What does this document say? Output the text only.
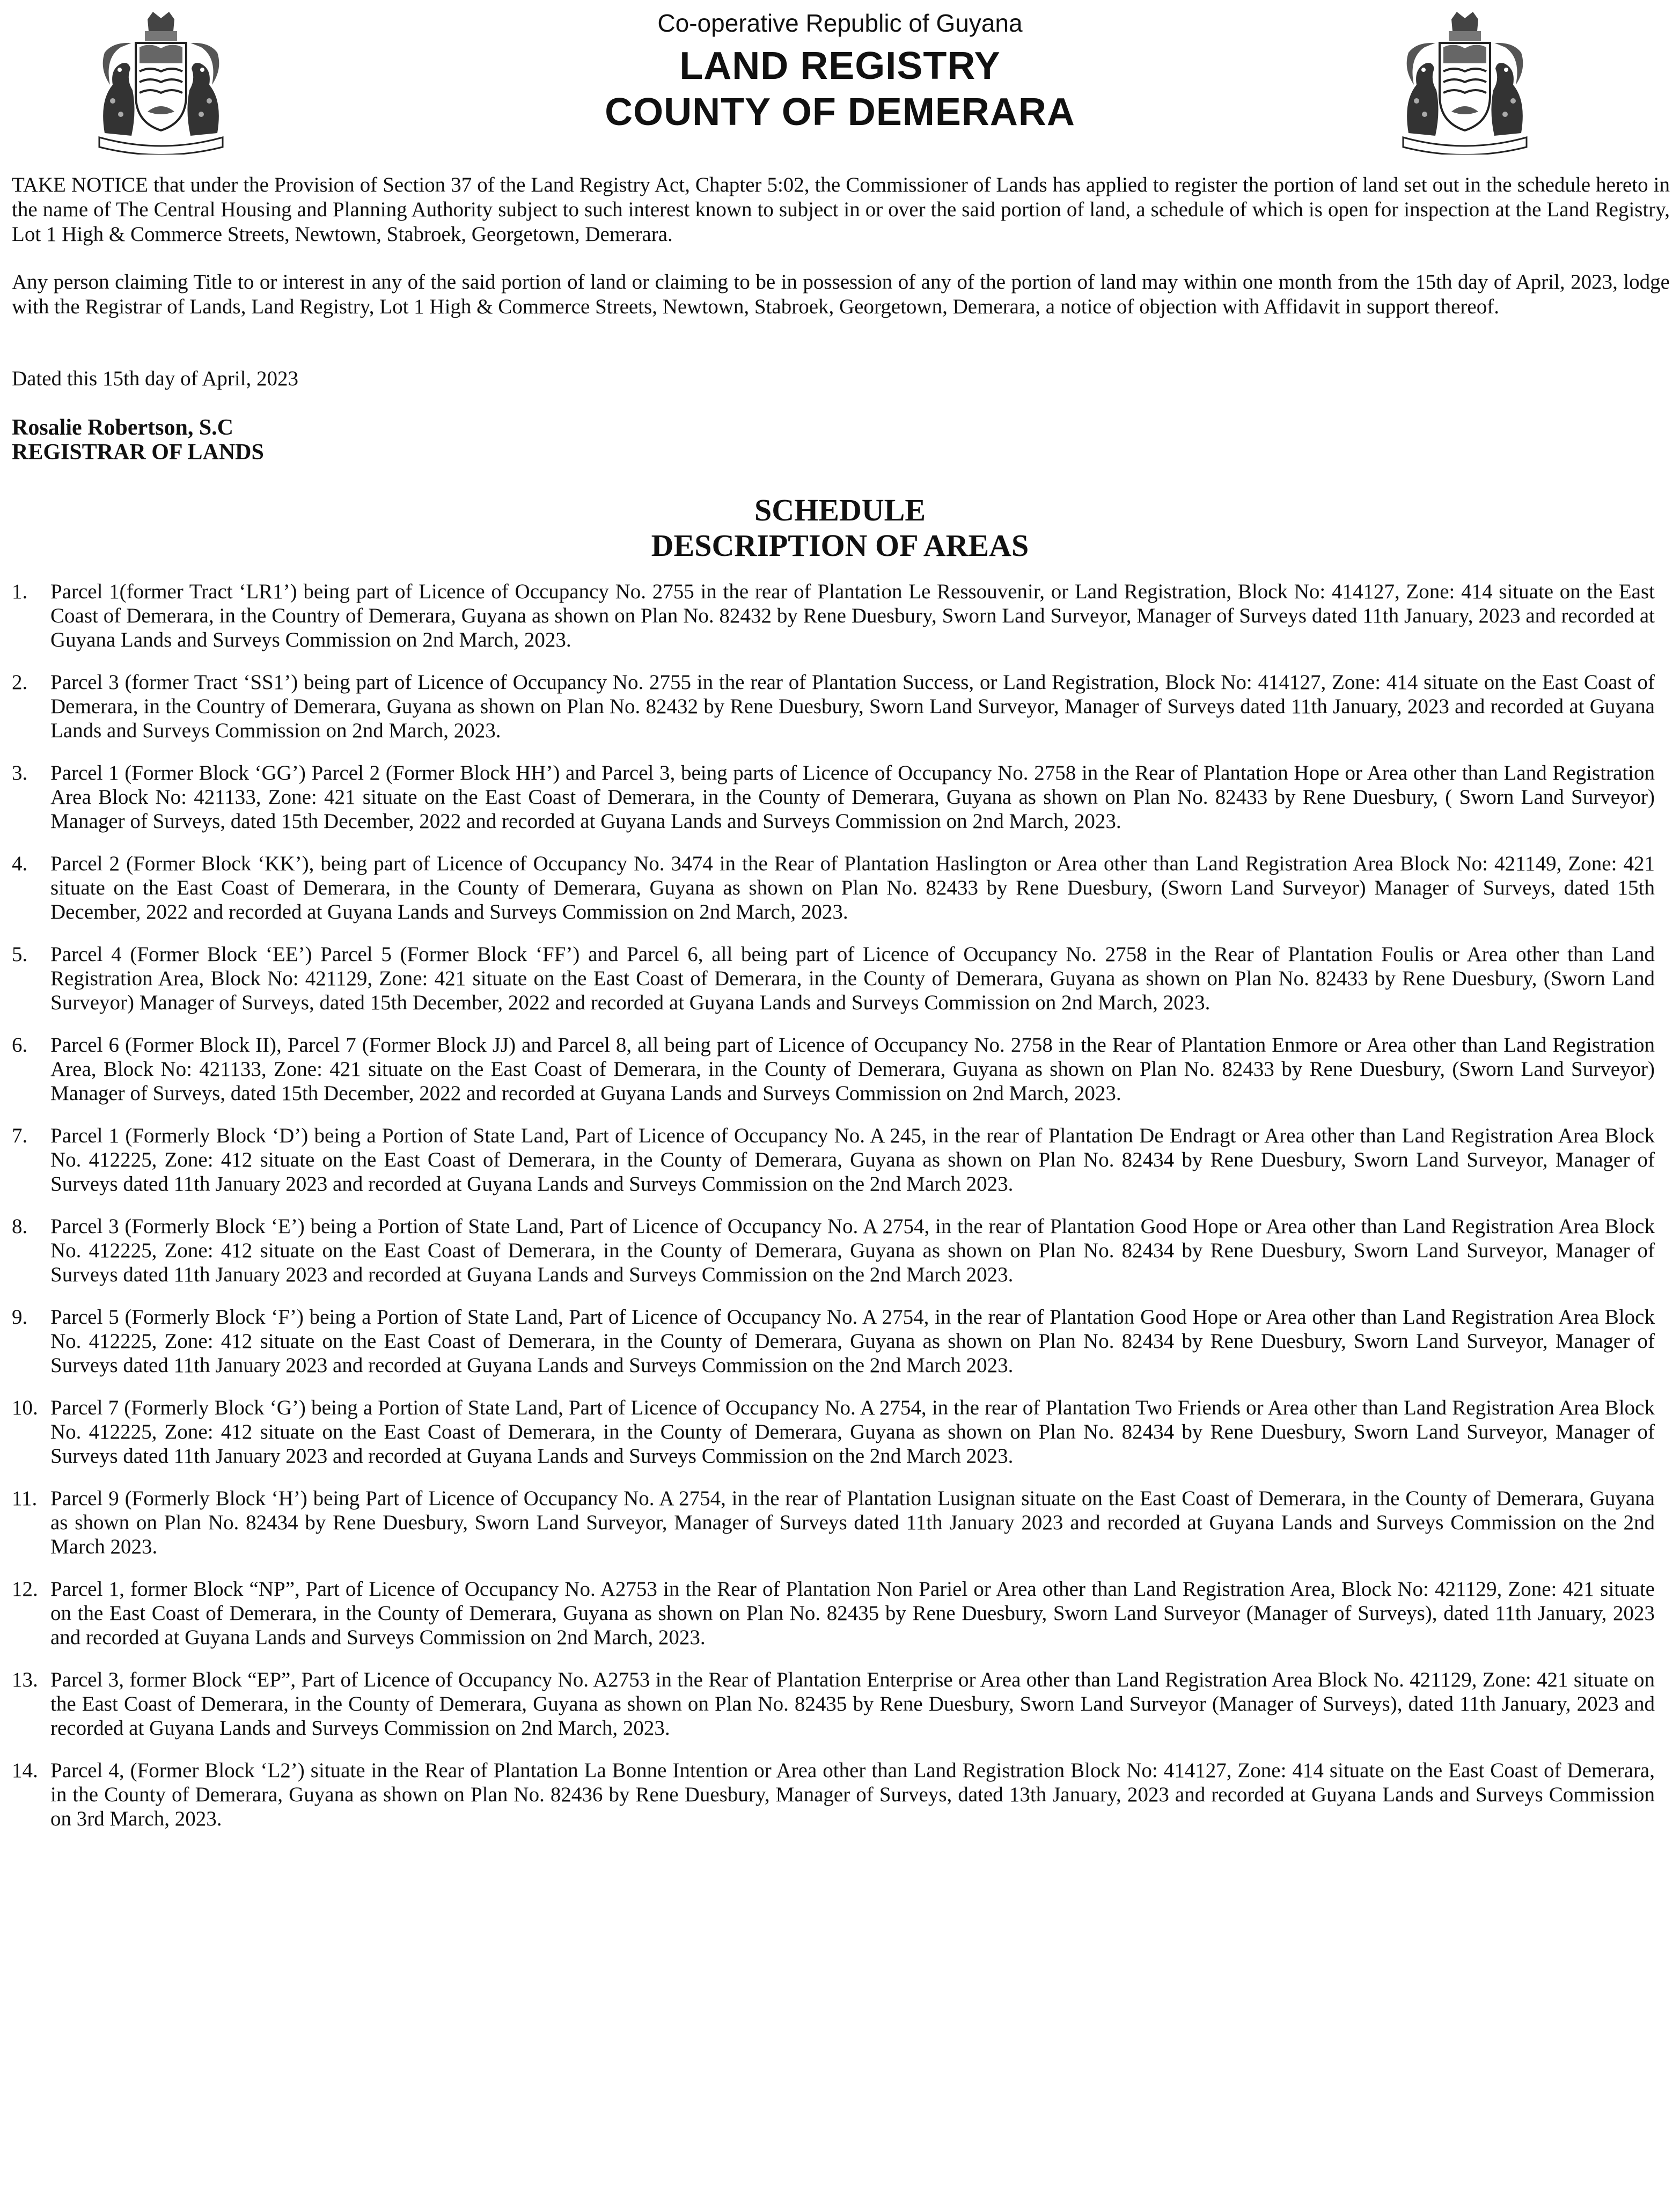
Co-operative Republic of Guyana
LAND REGISTRY
COUNTY OF DEMERARA

TAKE NOTICE that under the Provision of Section 37 of the Land Registry Act, Chapter 5:02, the Commissioner of Lands has applied to register the portion of land set out in the schedule hereto in the name of The Central Housing and Planning Authority subject to such interest known to subject in or over the said portion of land, a schedule of which is open for inspection at the Land Registry, Lot 1 High & Commerce Streets, Newtown, Stabroek, Georgetown, Demerara.

Any person claiming Title to or interest in any of the said portion of land or claiming to be in possession of any of the portion of land may within one month from the 15th day of April, 2023, lodge with the Registrar of Lands, Land Registry, Lot 1 High & Commerce Streets, Newtown, Stabroek, Georgetown, Demerara, a notice of objection with Affidavit in support thereof.

Dated this 15th day of April, 2023

Rosalie Robertson, S.C

REGISTRAR OF LANDS

SCHEDULE
DESCRIPTION OF AREAS
1.	Parcel 1(former Tract ‘LR1’) being part of Licence of Occupancy No. 2755 in the rear of Plantation Le Ressouvenir, or Land Registration, Block No: 414127, Zone: 414 situate on the East Coast of Demerara, in the Country of Demerara, Guyana as shown on Plan No. 82432 by Rene Duesbury, Sworn Land Surveyor, Manager of Surveys dated 11th January, 2023 and recorded at Guyana Lands and Surveys Commission on 2nd March, 2023.
2.	Parcel 3 (former Tract ‘SS1’) being part of Licence of Occupancy No. 2755 in the rear of Plantation Success, or Land Registration, Block No: 414127, Zone: 414 situate on the East Coast of Demerara, in the Country of Demerara, Guyana as shown on Plan No. 82432 by Rene Duesbury, Sworn Land Surveyor, Manager of Surveys dated 11th January, 2023 and recorded at Guyana Lands and Surveys Commission on 2nd March, 2023.
3.	Parcel 1 (Former Block ‘GG’) Parcel 2 (Former Block HH’) and Parcel 3, being parts of Licence of Occupancy No. 2758 in the Rear of Plantation Hope or Area other than Land Registration Area Block No: 421133, Zone: 421 situate on the East Coast of Demerara, in the County of Demerara, Guyana as shown on Plan No. 82433 by Rene Duesbury, ( Sworn Land Surveyor) Manager of Surveys, dated 15th December, 2022 and recorded at Guyana Lands and Surveys Commission on 2nd March, 2023.
4.	Parcel 2 (Former Block ‘KK’), being part of Licence of Occupancy No. 3474 in the Rear of Plantation Haslington or Area other than Land Registration Area Block No: 421149, Zone: 421 situate on the East Coast of Demerara, in the County of Demerara, Guyana as shown on Plan No. 82433 by Rene Duesbury, (Sworn Land Surveyor) Manager of Surveys, dated 15th December, 2022 and recorded at Guyana Lands and Surveys Commission on 2nd March, 2023.
5.	Parcel 4 (Former Block ‘EE’) Parcel 5 (Former Block ‘FF’) and Parcel 6, all being part of Licence of Occupancy No. 2758 in the Rear of Plantation Foulis or Area other than Land Registration Area, Block No: 421129, Zone: 421 situate on the East Coast of Demerara, in the County of Demerara, Guyana as shown on Plan No. 82433 by Rene Duesbury, (Sworn Land Surveyor) Manager of Surveys, dated 15th December, 2022 and recorded at Guyana Lands and Surveys Commission on 2nd March, 2023.
6.	Parcel 6 (Former Block II), Parcel 7 (Former Block JJ) and Parcel 8, all being part of Licence of Occupancy No. 2758 in the Rear of Plantation Enmore or Area other than Land Registration Area, Block No: 421133, Zone: 421 situate on the East Coast of Demerara, in the County of Demerara, Guyana as shown on Plan No. 82433 by Rene Duesbury, (Sworn Land Surveyor) Manager of Surveys, dated 15th December, 2022 and recorded at Guyana Lands and Surveys Commission on 2nd March, 2023.
7.	Parcel 1 (Formerly Block ‘D’) being a Portion of State Land, Part of Licence of Occupancy No. A 245, in the rear of Plantation De Endragt or Area other than Land Registration Area Block No. 412225, Zone: 412 situate on the East Coast of Demerara, in the County of Demerara, Guyana as shown on Plan No. 82434 by Rene Duesbury, Sworn Land Surveyor, Manager of Surveys dated 11th January 2023 and recorded at Guyana Lands and Surveys Commission on the 2nd March 2023.
8.	Parcel 3 (Formerly Block ‘E’) being a Portion of State Land, Part of Licence of Occupancy No. A 2754, in the rear of Plantation Good Hope or Area other than Land Registration Area Block No. 412225, Zone: 412 situate on the East Coast of Demerara, in the County of Demerara, Guyana as shown on Plan No. 82434 by Rene Duesbury, Sworn Land Surveyor, Manager of Surveys dated 11th January 2023 and recorded at Guyana Lands and Surveys Commission on the 2nd March 2023.
9.	Parcel 5 (Formerly Block ‘F’) being a Portion of State Land, Part of Licence of Occupancy No. A 2754, in the rear of Plantation Good Hope or Area other than Land Registration Area Block No. 412225, Zone: 412 situate on the East Coast of Demerara, in the County of Demerara, Guyana as shown on Plan No. 82434 by Rene Duesbury, Sworn Land Surveyor, Manager of Surveys dated 11th January 2023 and recorded at Guyana Lands and Surveys Commission on the 2nd March 2023.
10. Parcel 7 (Formerly Block ‘G’) being a Portion of State Land, Part of Licence of Occupancy No. A 2754, in the rear of Plantation Two Friends or Area other than Land Registration Area Block No. 412225, Zone: 412 situate on the East Coast of Demerara, in the County of Demerara, Guyana as shown on Plan No. 82434 by Rene Duesbury, Sworn Land Surveyor, Manager of Surveys dated 11th January 2023 and recorded at Guyana Lands and Surveys Commission on the 2nd March 2023.
11. Parcel 9 (Formerly Block ‘H’) being Part of Licence of Occupancy No. A 2754, in the rear of Plantation Lusignan situate on the East Coast of Demerara, in the County of Demerara, Guyana as shown on Plan No. 82434 by Rene Duesbury, Sworn Land Surveyor, Manager of Surveys dated 11th January 2023 and recorded at Guyana Lands and Surveys Commission on the 2nd March 2023.
12. Parcel 1, former Block “NP”, Part of Licence of Occupancy No. A2753 in the Rear of Plantation Non Pariel or Area other than Land Registration Area, Block No: 421129, Zone: 421 situate on the East Coast of Demerara, in the County of Demerara, Guyana as shown on Plan No. 82435 by Rene Duesbury, Sworn Land Surveyor (Manager of Surveys), dated 11th January, 2023 and recorded at Guyana Lands and Surveys Commission on 2nd March, 2023.
13. Parcel 3, former Block “EP”, Part of Licence of Occupancy No. A2753 in the Rear of Plantation Enterprise or Area other than Land Registration Area Block No. 421129, Zone: 421 situate on the East Coast of Demerara, in the County of Demerara, Guyana as shown on Plan No. 82435 by Rene Duesbury, Sworn Land Surveyor (Manager of Surveys), dated 11th January, 2023 and recorded at Guyana Lands and Surveys Commission on 2nd March, 2023.
14. Parcel 4, (Former Block ‘L2’) situate in the Rear of Plantation La Bonne Intention or Area other than Land Registration Block No: 414127, Zone: 414 situate on the East Coast of Demerara, in the County of Demerara, Guyana as shown on Plan No. 82436 by Rene Duesbury, Manager of Surveys, dated 13th January, 2023 and recorded at Guyana Lands and Surveys Commission on 3rd March, 2023.
